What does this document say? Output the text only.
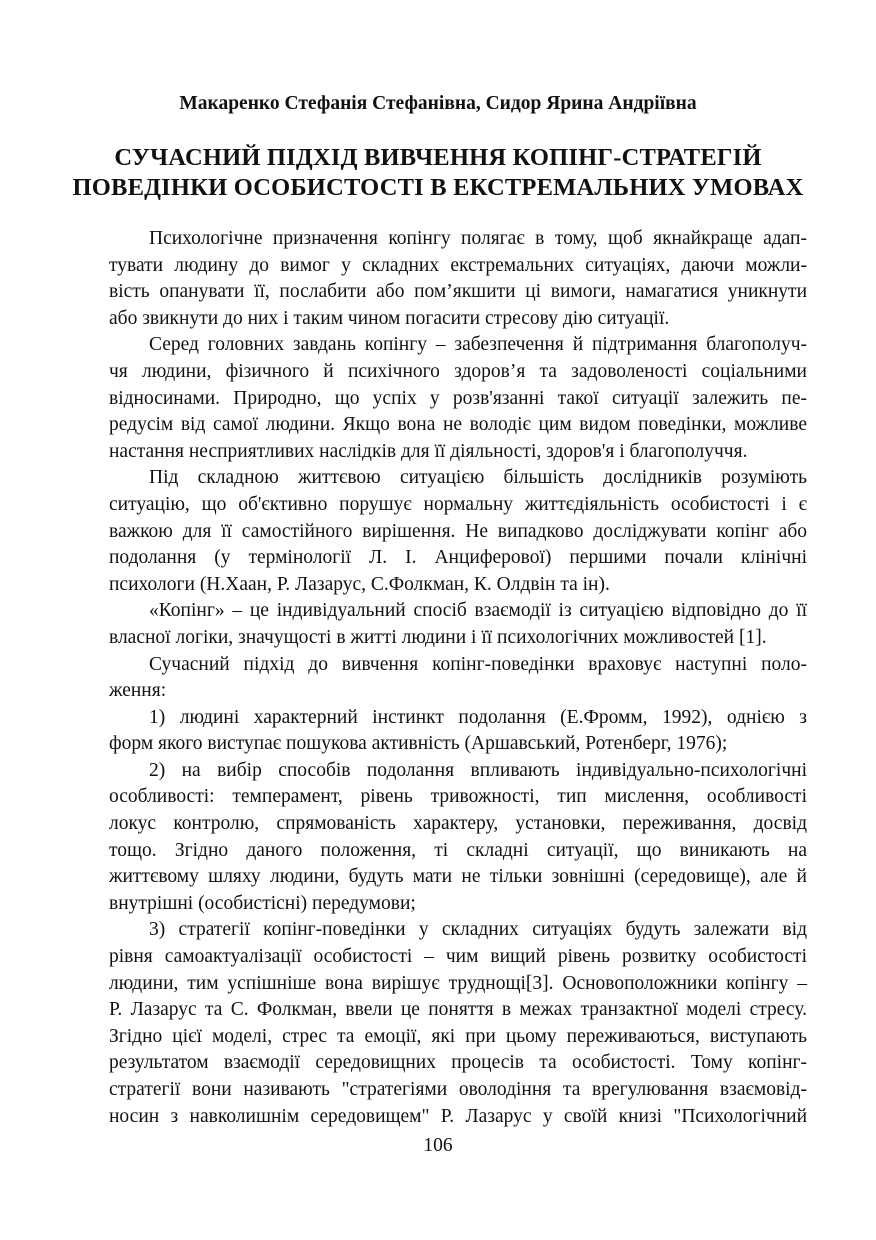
Макаренко Стефанія Стефанівна, Сидор Ярина Андріївна
СУЧАСНИЙ ПІДХІД ВИВЧЕННЯ КОПІНГ-СТРАТЕГІЙ
ПОВЕДІНКИ ОСОБИСТОСТІ В ЕКСТРЕМАЛЬНИХ УМОВАХ
Психологічне призначення копінгу полягає в тому, щоб якнайкраще адап-
тувати людину до вимог у складних екстремальних ситуаціях, даючи можли-
вість опанувати її, послабити або пом’якшити ці вимоги, намагатися уникнути
або звикнути до них і таким чином погасити стресову дію ситуації.
Серед головних завдань копінгу – забезпечення й підтримання благополуч-
чя людини, фізичного й психічного здоров’я та задоволеності соціальними
відносинами. Природно, що успіх у розв'язанні такої ситуації залежить пе-
редусім від самої людини. Якщо вона не володіє цим видом поведінки, можливе
настання несприятливих наслідків для її діяльності, здоров'я і благополуччя.
Під складною життєвою ситуацією більшість дослідників розуміють
ситуацію, що об'єктивно порушує нормальну життєдіяльність особистості і є
важкою для її самостійного вирішення. Не випадково досліджувати копінг або
подолання (у термінології Л. І. Анциферової) першими почали клінічні
психологи (Н.Хаан, Р. Лазарус, С.Фолкман, К. Олдвін та ін).
«Копінг» – це індивідуальний спосіб взаємодії із ситуацією відповідно до її
власної логіки, значущості в житті людини і її психологічних можливостей [1].
Сучасний підхід до вивчення копінг-поведінки враховує наступні поло-
ження:
1) людині характерний інстинкт подолання (Е.Фромм, 1992), однією з
форм якого виступає пошукова активність (Аршавський, Ротенберг, 1976);
2) на вибір способів подолання впливають індивідуально-психологічні
особливості: темперамент, рівень тривожності, тип мислення, особливості
локус контролю, спрямованість характеру, установки, переживання, досвід
тощо. Згідно даного положення, ті складні ситуації, що виникають на
життєвому шляху людини, будуть мати не тільки зовнішні (середовище), але й
внутрішні (особистісні) передумови;
3) стратегії копінг-поведінки у складних ситуаціях будуть залежати від
рівня самоактуалізації особистості – чим вищий рівень розвитку особистості
людини, тим успішніше вона вирішує труднощі[3]. Основоположники копінгу –
Р. Лазарус та С. Фолкман, ввели це поняття в межах транзактної моделі стресу.
Згідно цієї моделі, стрес та емоції, які при цьому переживаються, виступають
результатом взаємодії середовищних процесів та особистості. Тому копінг-
стратегії вони називають "стратегіями оволодіння та врегулювання взаємовід-
носин з навколишнім середовищем" Р. Лазарус у своїй книзі "Психологічний
106
